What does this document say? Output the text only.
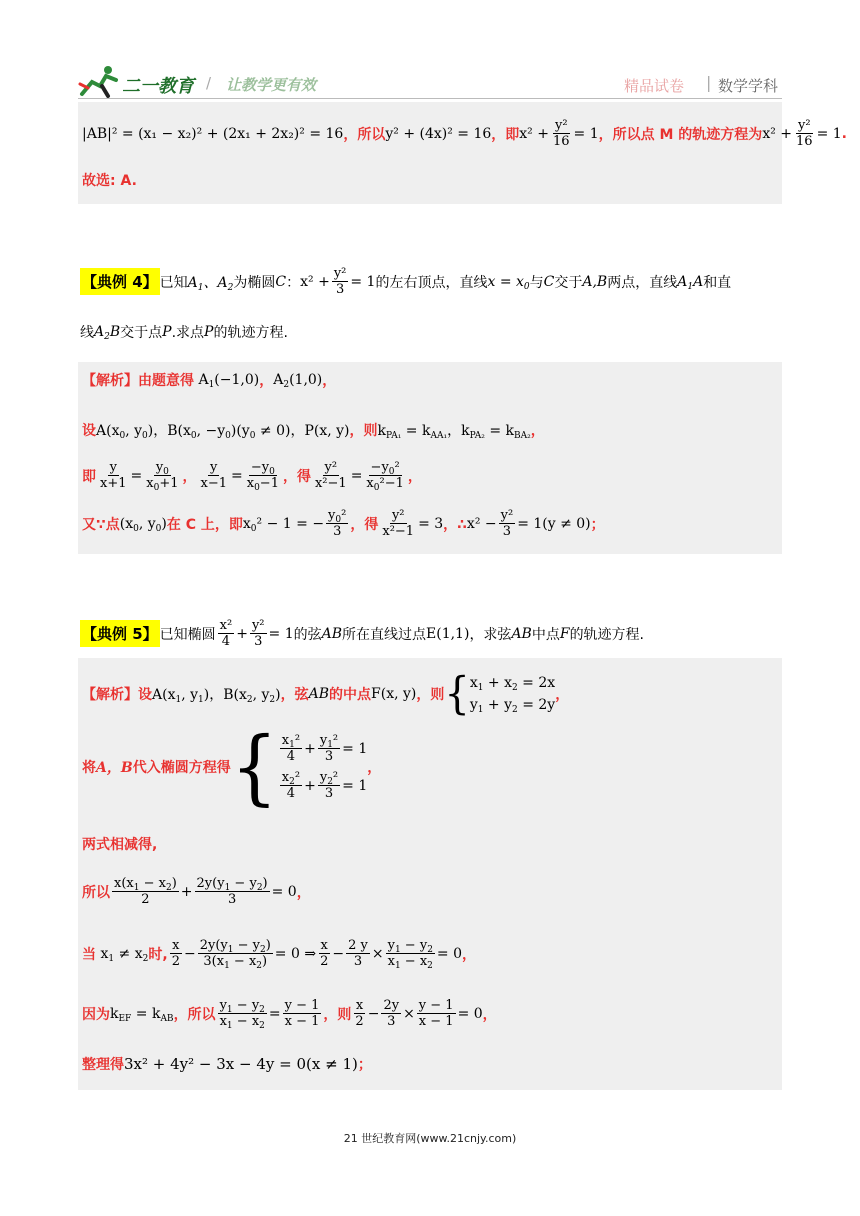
二一教育 / 让教学更有效	精品试卷 | 数学学科
|AB|² = (x₁ − x₂)² + (2x₁ + 2x₂)² = 16 ，所以 y² + (4x)² = 16 ，即 $x^2 + \frac{\text{y²}}{16} = 1$ ，所以点 M 的轨迹方程为 $x^2 + \frac{\text{y²}}{16} = 1$ .
故选: A.
【典例 4】 已知 $A_1$、$A_2$ 为椭圆 C ： $x^2 + \frac{\text{y²}}{3} = 1$ 的左右顶点，直线 $x = x_0$ 与 C 交于 A,B 两点，直线 $A_1A$ 和直
线 $A_2B$ 交于点 P .求点 P 的轨迹方程.
【解析】 由题意得 $A_1(-1,0)$ ， $A_2(1,0)$ ，
设 $A(x_0$, $y_0$)，$B(x_0$, $-y_0)(y_0 \ne 0)$，P(x, y) ，则 $k_{PA_1} = k_{AA_1}$，$k_{PA_2} = k_{BA_2}$ ，
即 $\frac{y}{x+1} = \frac{y_0}{x_0+1}$ ， $\frac{y}{x-1} = \frac{-y_0}{x_0-1}$ ，得 $\frac{\text{y²}}{\text{x²−1}} = \frac{-y_0^2}{x_0^2-1}$ ，
又∵点 ($x_0$, $y_0$) 在 C 上，即 $x_0^2 - 1$ = − $\frac{y_0^2}{3}$ ，得 $\frac{\text{y²}}{\text{x²−1}} = 3$ ，∴ $x^2 - \frac{\text{y²}}{3} = 1(y \ne 0)$ ；
【典例 5】 已知椭圆 $\frac{\text{x²}}{4} + \frac{\text{y²}}{3} = 1$ 的弦 AB 所在直线过点 E(1,1) ，求弦 AB 中点 F 的轨迹方程.
【解析】 设 $A(x_1$, $y_1$)，$B(x_2$, $y_2$) ，弦 AB 的中点 F(x, y) ，则 { $x_1 + x_2 = 2x$
$y_1 + y_2 = 2y$
，
将 A，B 代入椭圆方程得 { $\frac{x_1^2}{4} + \frac{y_1^2}{3} = 1$
$\frac{x_2^2}{4} + \frac{y_2^2}{3} = 1$
，
两式相减得,
所以 $\frac{x(x_1 - x_2)}{2} + \frac{2y(y_1 - y_2)}{3} = 0$ ，
当 $x_1 \ne x_2$ 时, $\frac{x}{2} - \frac{2y(y_1 - y_2)}{3(x_1 - x_2)} = 0$ ⇒ $\frac{x}{2} - \frac{2 y}{3} \times \frac{y_1 - y_2}{x_1 - x_2} = 0$ ，
因为 $k_{EF} = k_{AB}$ ，所以 $\frac{y_1 - y_2}{x_1 - x_2} = \frac{y - 1}{x - 1}$ ，则 $\frac{x}{2} - \frac{2y}{3} \times \frac{y - 1}{x - 1} = 0$ ，
整理得 3x² + 4y² − 3x − 4y = 0(x ≠ 1) ；
21 世纪教育网(www.21cnjy.com)
